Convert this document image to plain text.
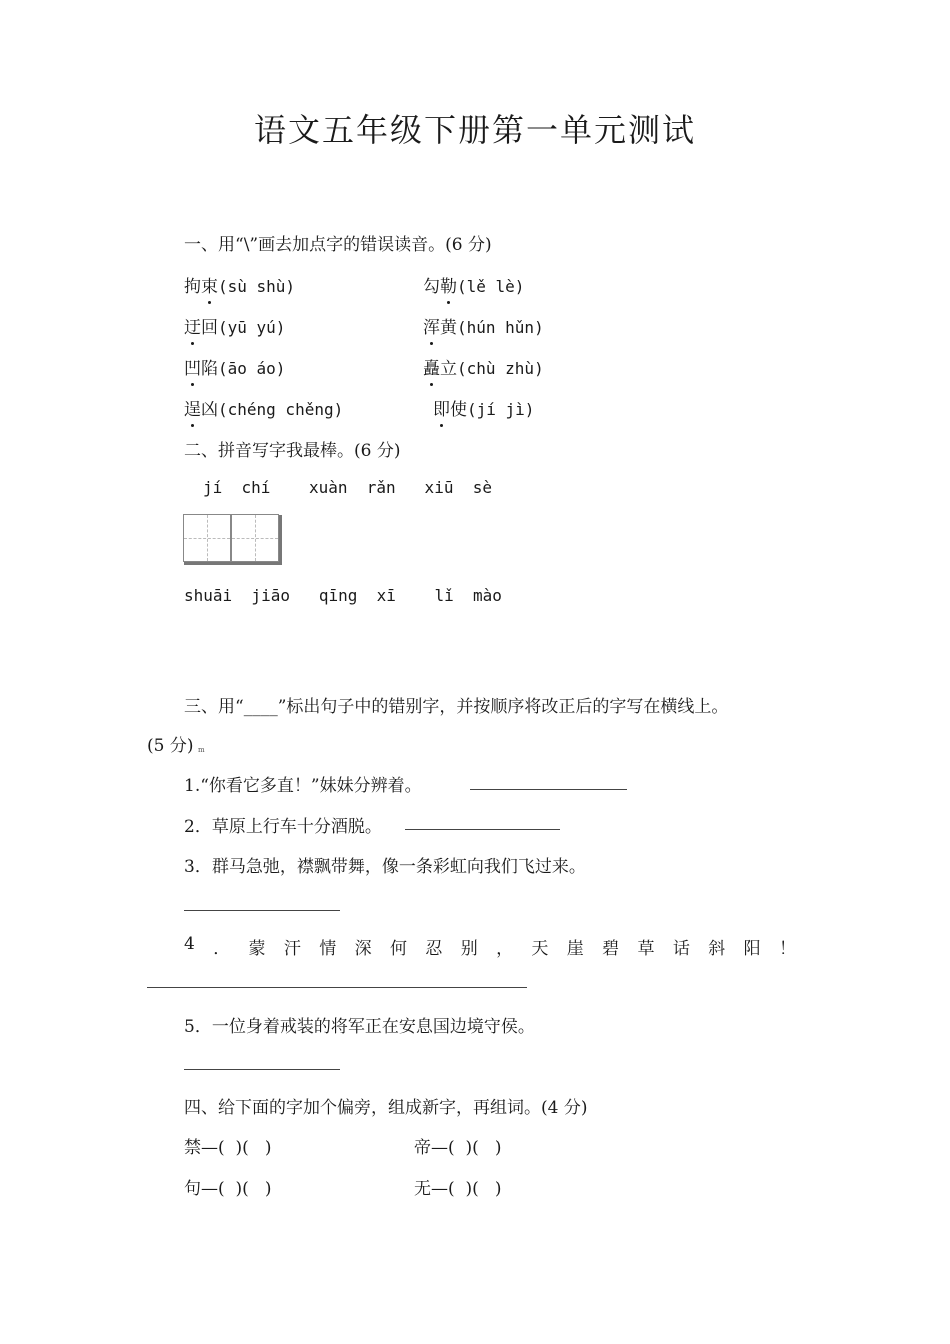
语文五年级下册第一单元测试
一、用“\”画去加点字的错误读音。(6 分)
拘束(sù shù)	勾勒(lě lè)
迂回(yū yú)	浑黄(hún hǔn)
凹陷(āo áo)	矗立(chù zhù)
逞凶(chéng chěng)	即使(jí jì)
二、拼音写字我最棒。(6 分)
jí  chí    xuàn  rǎn   xiū  sè
shuāi  jiāo   qīng  xī    lǐ  mào
三、用“____”标出句子中的错别字，并按顺序将改正后的字写在横线上。
(5 分) m
1.“你看它多直！”妹妹分辨着。
2．草原上行车十分酒脱。
3．群马急弛，襟飘带舞，像一条彩虹向我们飞过来。
4 ． 蒙 汗 情 深 何 忍 别 ， 天 崖 碧 草 话 斜 阳 ！
5．一位身着戒装的将军正在安息国边境守侯。
四、给下面的字加个偏旁，组成新字，再组词。(4 分)
禁—(  )(   )	帝—(  )(   )
句—(  )(   )	无—(  )(   )
